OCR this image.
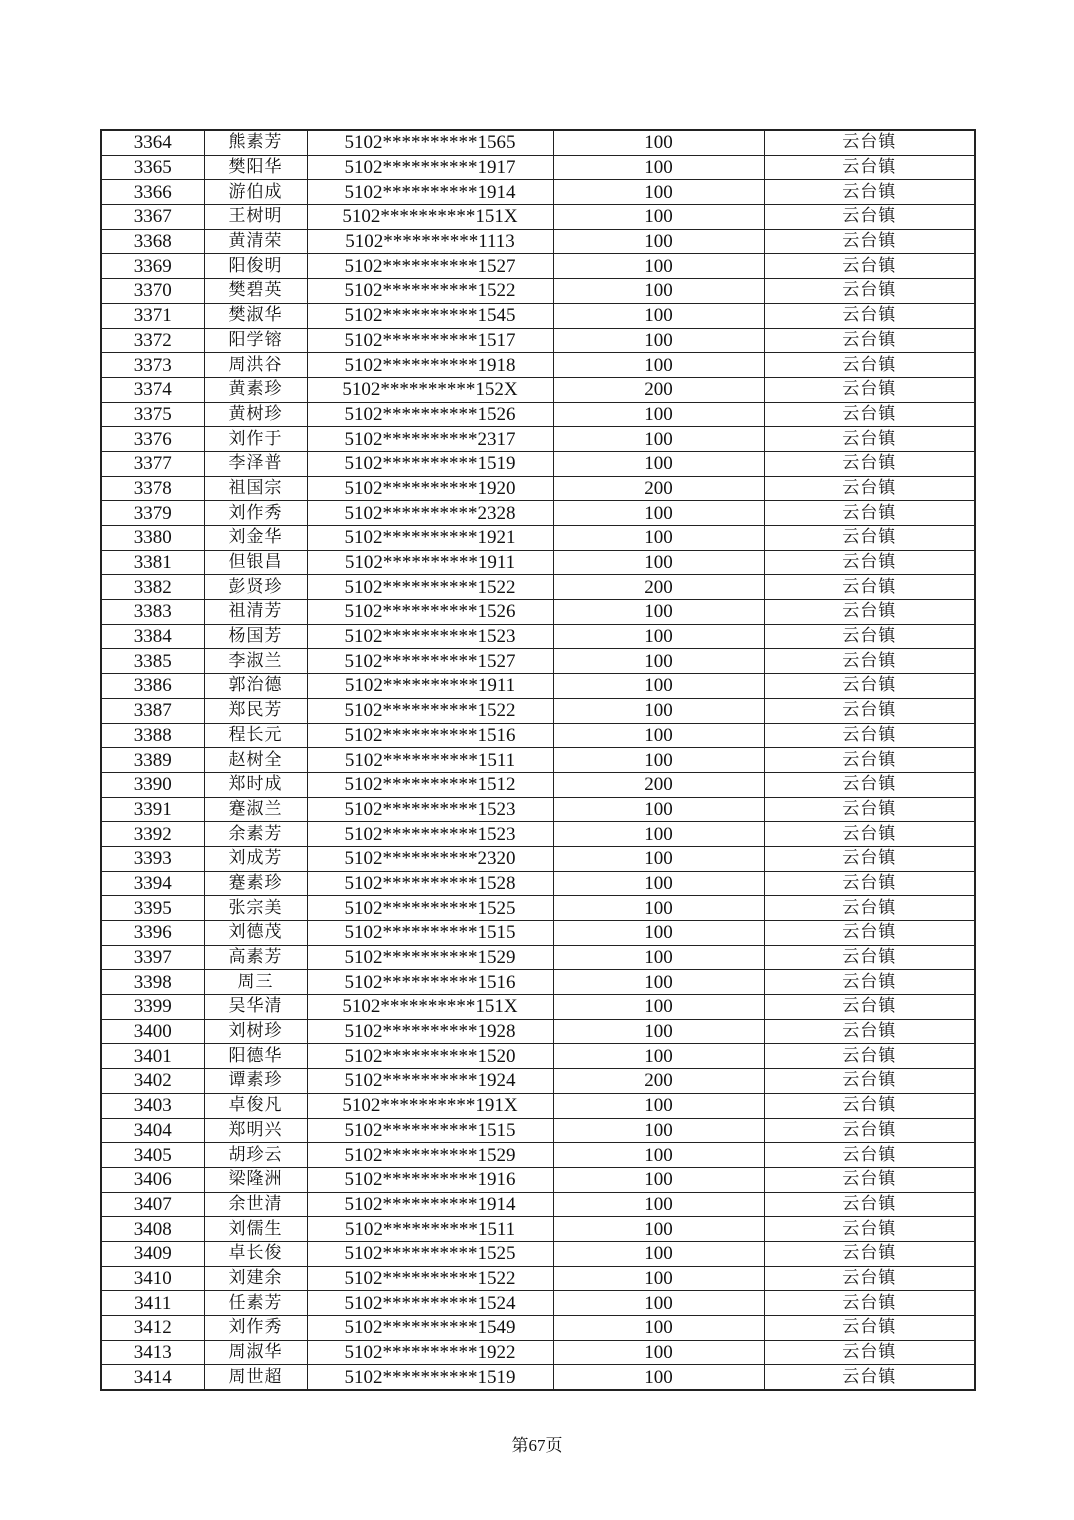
3364	熊素芳	5102**********1565	100	云台镇
3365	樊阳华	5102**********1917	100	云台镇
3366	游伯成	5102**********1914	100	云台镇
3367	王树明	5102**********151X	100	云台镇
3368	黄清荣	5102**********1113	100	云台镇
3369	阳俊明	5102**********1527	100	云台镇
3370	樊碧英	5102**********1522	100	云台镇
3371	樊淑华	5102**********1545	100	云台镇
3372	阳学镕	5102**********1517	100	云台镇
3373	周洪谷	5102**********1918	100	云台镇
3374	黄素珍	5102**********152X	200	云台镇
3375	黄树珍	5102**********1526	100	云台镇
3376	刘作于	5102**********2317	100	云台镇
3377	李泽普	5102**********1519	100	云台镇
3378	祖国宗	5102**********1920	200	云台镇
3379	刘作秀	5102**********2328	100	云台镇
3380	刘金华	5102**********1921	100	云台镇
3381	但银昌	5102**********1911	100	云台镇
3382	彭贤珍	5102**********1522	200	云台镇
3383	祖清芳	5102**********1526	100	云台镇
3384	杨国芳	5102**********1523	100	云台镇
3385	李淑兰	5102**********1527	100	云台镇
3386	郭治德	5102**********1911	100	云台镇
3387	郑民芳	5102**********1522	100	云台镇
3388	程长元	5102**********1516	100	云台镇
3389	赵树全	5102**********1511	100	云台镇
3390	郑时成	5102**********1512	200	云台镇
3391	蹇淑兰	5102**********1523	100	云台镇
3392	余素芳	5102**********1523	100	云台镇
3393	刘成芳	5102**********2320	100	云台镇
3394	蹇素珍	5102**********1528	100	云台镇
3395	张宗美	5102**********1525	100	云台镇
3396	刘德茂	5102**********1515	100	云台镇
3397	高素芳	5102**********1529	100	云台镇
3398	周三	5102**********1516	100	云台镇
3399	吴华清	5102**********151X	100	云台镇
3400	刘树珍	5102**********1928	100	云台镇
3401	阳德华	5102**********1520	100	云台镇
3402	谭素珍	5102**********1924	200	云台镇
3403	卓俊凡	5102**********191X	100	云台镇
3404	郑明兴	5102**********1515	100	云台镇
3405	胡珍云	5102**********1529	100	云台镇
3406	梁隆洲	5102**********1916	100	云台镇
3407	余世清	5102**********1914	100	云台镇
3408	刘儒生	5102**********1511	100	云台镇
3409	卓长俊	5102**********1525	100	云台镇
3410	刘建余	5102**********1522	100	云台镇
3411	任素芳	5102**********1524	100	云台镇
3412	刘作秀	5102**********1549	100	云台镇
3413	周淑华	5102**********1922	100	云台镇
3414	周世超	5102**********1519	100	云台镇
第67页
